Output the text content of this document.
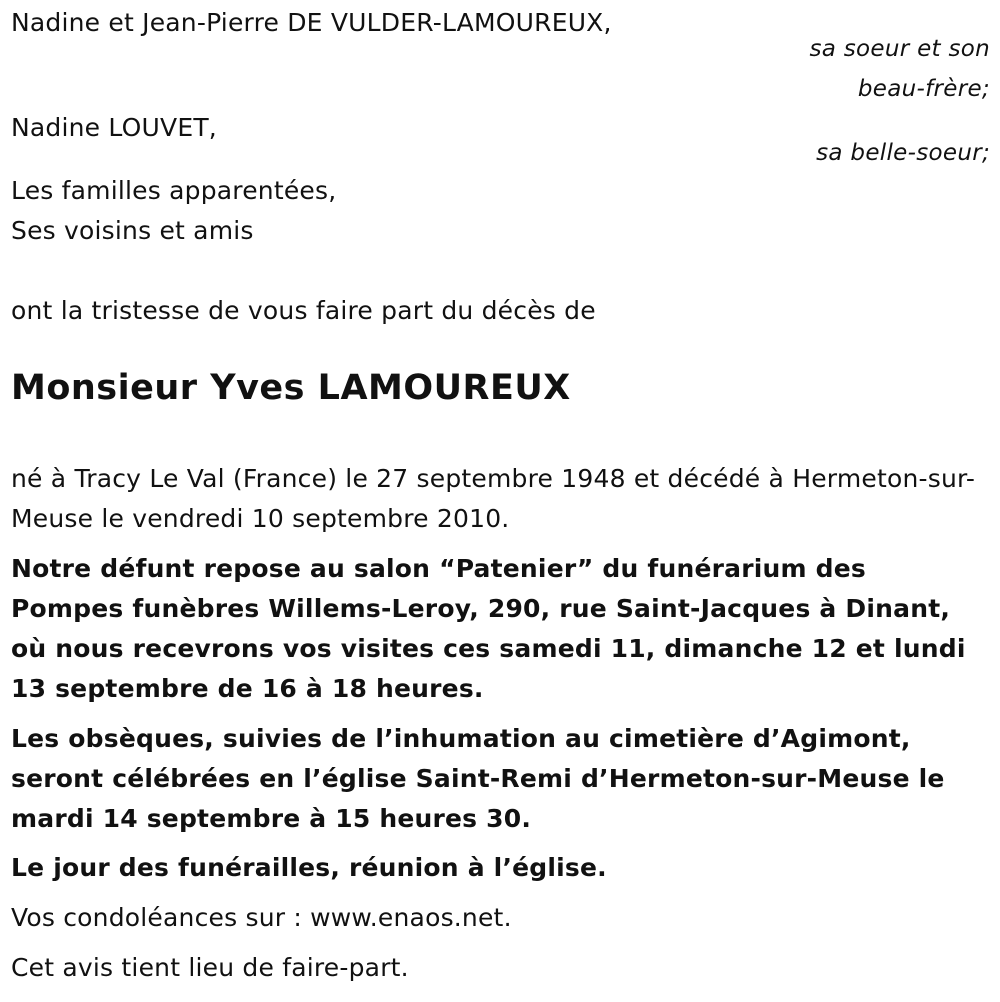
Nadine et Jean-Pierre DE VULDER-LAMOUREUX,
sa soeur et son
beau-frère;
Nadine LOUVET,
sa belle-soeur;
Les familles apparentées,
Ses voisins et amis
ont la tristesse de vous faire part du décès de
Monsieur Yves LAMOUREUX
né à Tracy Le Val (France) le 27 septembre 1948 et décédé à Hermeton-sur-Meuse le vendredi 10 septembre 2010.
Notre défunt repose au salon “Patenier” du funérarium des Pompes funèbres Willems-Leroy, 290, rue Saint-Jacques à Dinant, où nous recevrons vos visites ces samedi 11, dimanche 12 et lundi 13 septembre de 16 à 18 heures.
Les obsèques, suivies de l’inhumation au cimetière d’Agimont, seront célébrées en l’église Saint-Remi d’Hermeton-sur-Meuse le mardi 14 septembre à 15 heures 30.
Le jour des funérailles, réunion à l’église.
Vos condoléances sur : www.enaos.net.
Cet avis tient lieu de faire-part.
